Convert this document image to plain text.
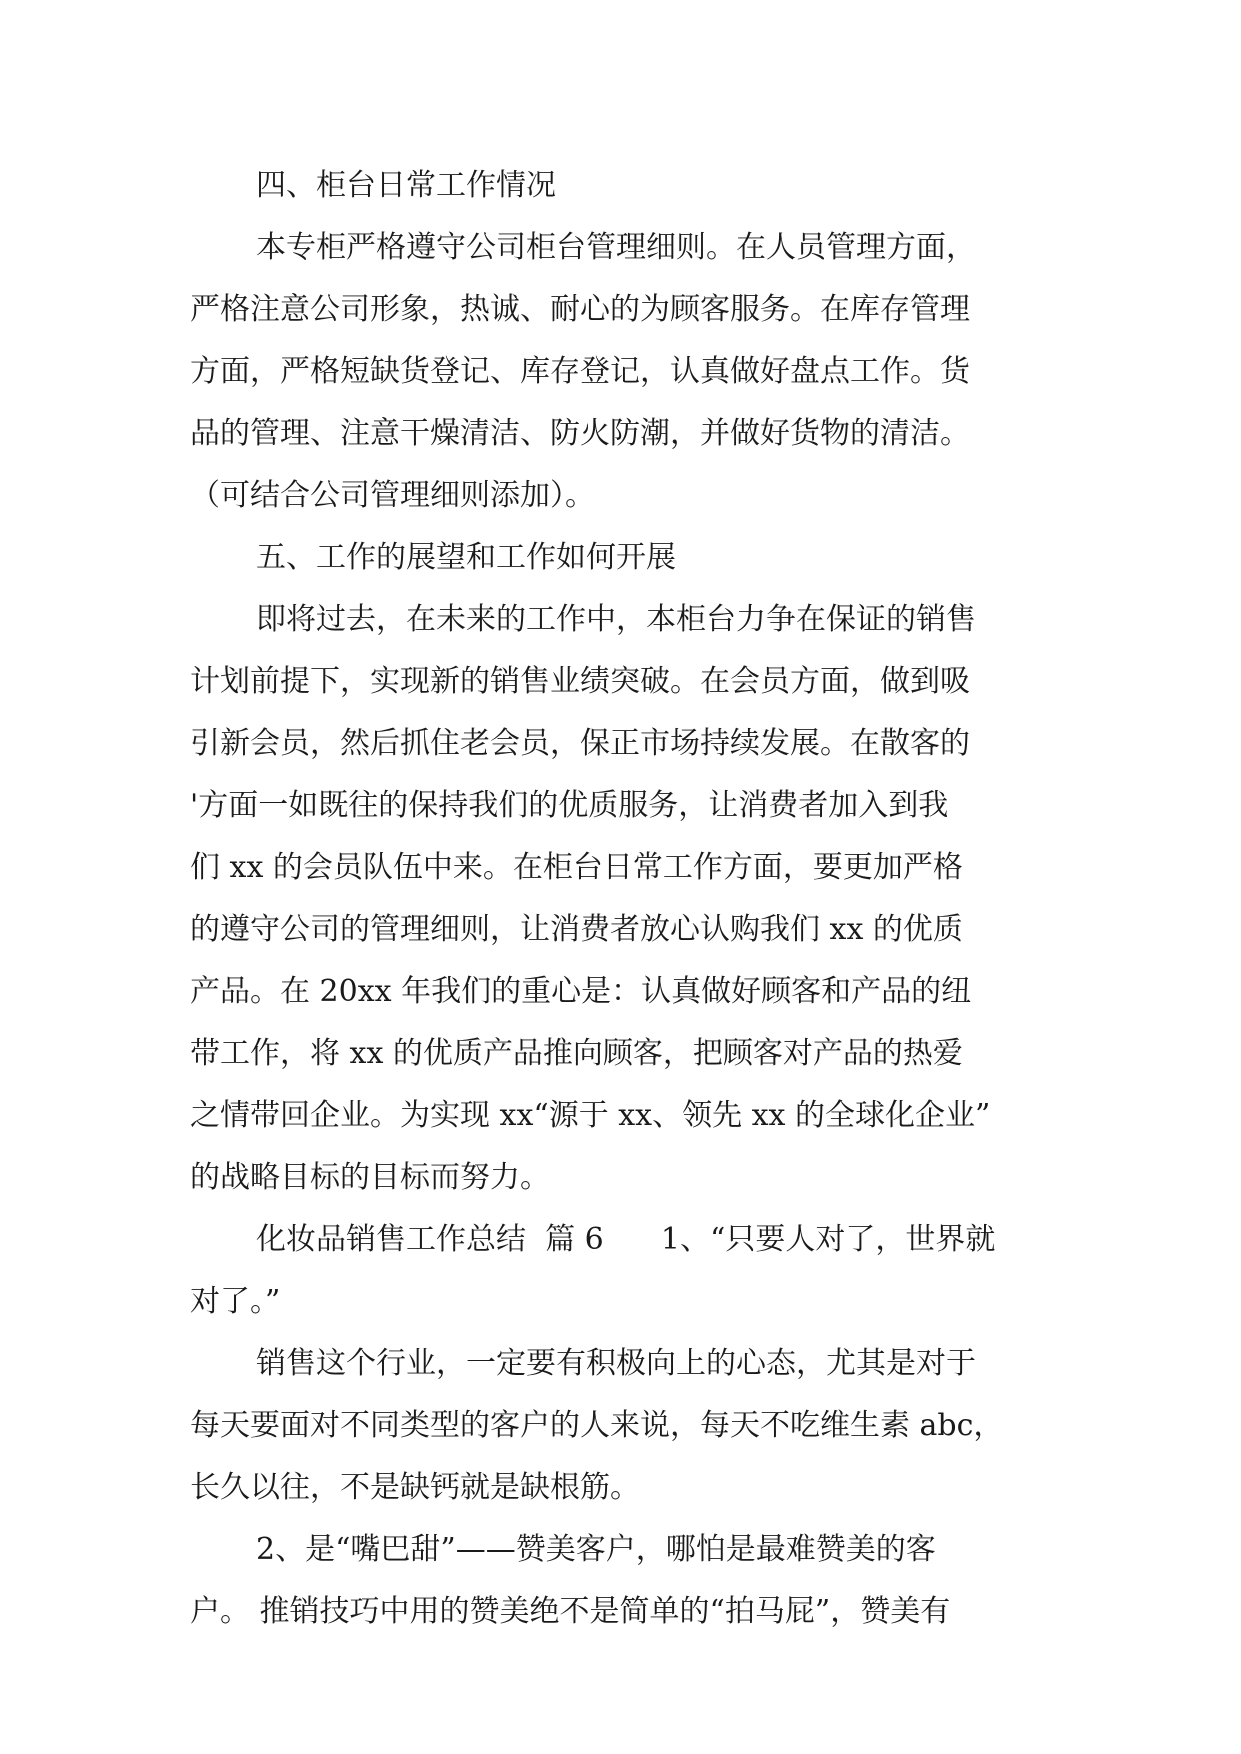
四、柜台日常工作情况
本专柜严格遵守公司柜台管理细则。在人员管理方面，
严格注意公司形象，热诚、耐心的为顾客服务。在库存管理
方面，严格短缺货登记、库存登记，认真做好盘点工作。货
品的管理、注意干燥清洁、防火防潮，并做好货物的清洁。
（可结合公司管理细则添加）。
五、工作的展望和工作如何开展
即将过去，在未来的工作中，本柜台力争在保证的销售
计划前提下，实现新的销售业绩突破。在会员方面，做到吸
引新会员，然后抓住老会员，保正市场持续发展。在散客的
'方面一如既往的保持我们的优质服务，让消费者加入到我
们 xx 的会员队伍中来。在柜台日常工作方面，要更加严格
的遵守公司的管理细则，让消费者放心认购我们 xx 的优质
产品。在 20xx 年我们的重心是：认真做好顾客和产品的纽
带工作，将 xx 的优质产品推向顾客，把顾客对产品的热爱
之情带回企业。为实现 xx“源于 xx、领先 xx 的全球化企业”
的战略目标的目标而努力。
化妆品销售工作总结  篇 6      1、“只要人对了，世界就
对了。”
销售这个行业，一定要有积极向上的心态，尤其是对于
每天要面对不同类型的客户的人来说，每天不吃维生素 abc，
长久以往，不是缺钙就是缺根筋。
2、是“嘴巴甜”——赞美客户，哪怕是最难赞美的客
户。 推销技巧中用的赞美绝不是简单的“拍马屁”，赞美有
